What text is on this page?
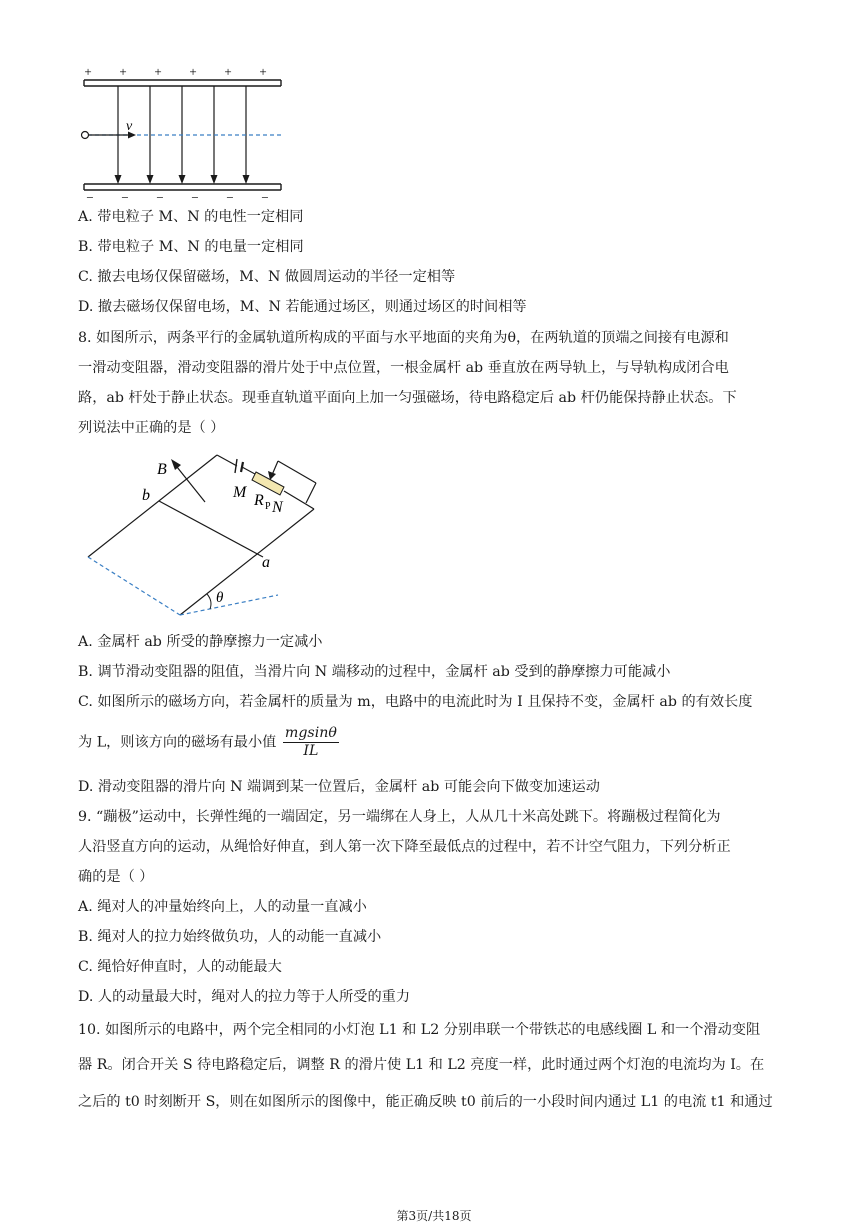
+ + + + + +
v
− − − − − −
A. 带电粒子 M、N 的电性一定相同
B. 带电粒子 M、N 的电量一定相同
C. 撤去电场仅保留磁场，M、N 做圆周运动的半径一定相等
D. 撤去磁场仅保留电场，M、N 若能通过场区，则通过场区的时间相等
8. 如图所示，两条平行的金属轨道所构成的平面与水平地面的夹角为θ，在两轨道的顶端之间接有电源和
一滑动变阻器，滑动变阻器的滑片处于中点位置，一根金属杆 ab 垂直放在两导轨上，与导轨构成闭合电
路，ab 杆处于静止状态。现垂直轨道平面向上加一匀强磁场，待电路稳定后 ab 杆仍能保持静止状态。下
列说法中正确的是（ ）
B
b
a
M R P N
θ
A. 金属杆 ab 所受的静摩擦力一定减小
B. 调节滑动变阻器的阻值，当滑片向 N 端移动的过程中，金属杆 ab 受到的静摩擦力可能减小
C. 如图所示的磁场方向，若金属杆的质量为 m，电路中的电流此时为 I 且保持不变，金属杆 ab 的有效长度
为 L，则该方向的磁场有最小值 $\frac{mgsin\theta}{IL}$
D. 滑动变阻器的滑片向 N 端调到某一位置后，金属杆 ab 可能会向下做变加速运动
9. “蹦极”运动中，长弹性绳的一端固定，另一端绑在人身上，人从几十米高处跳下。将蹦极过程简化为
人沿竖直方向的运动，从绳恰好伸直，到人第一次下降至最低点的过程中，若不计空气阻力，下列分析正
确的是（ ）
A. 绳对人的冲量始终向上，人的动量一直减小
B. 绳对人的拉力始终做负功，人的动能一直减小
C. 绳恰好伸直时，人的动能最大
D. 人的动量最大时，绳对人的拉力等于人所受的重力
10. 如图所示的电路中，两个完全相同的小灯泡 L1 和 L2 分别串联一个带铁芯的电感线圈 L 和一个滑动变阻
器 R。闭合开关 S 待电路稳定后，调整 R 的滑片使 L1 和 L2 亮度一样，此时通过两个灯泡的电流均为 I。在
之后的 t0 时刻断开 S，则在如图所示的图像中，能正确反映 t0 前后的一小段时间内通过 L1 的电流 t1 和通过
第3页/共18页
